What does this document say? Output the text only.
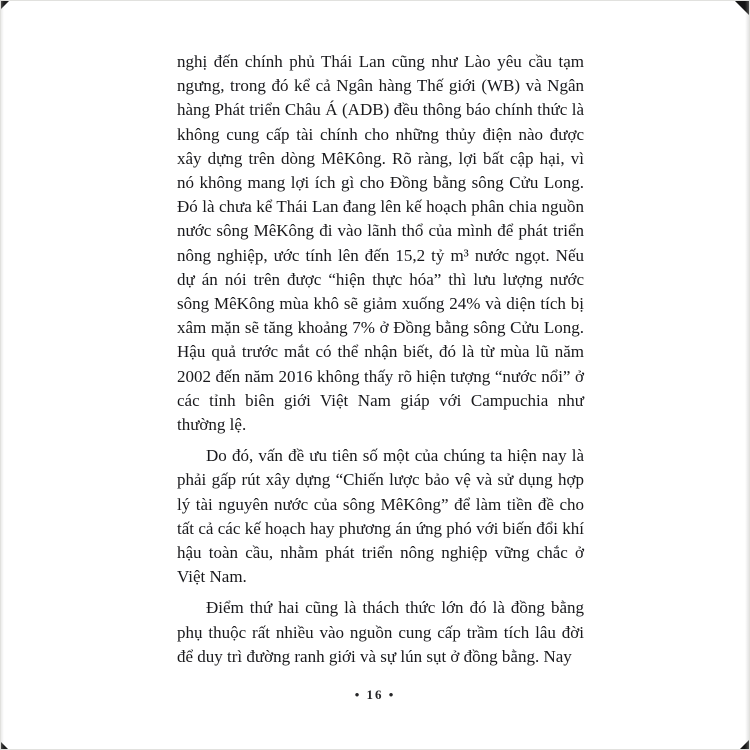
nghị đến chính phủ Thái Lan cũng như Lào yêu cầu tạm ngưng, trong đó kể cả Ngân hàng Thế giới (WB) và Ngân hàng Phát triển Châu Á (ADB) đều thông báo chính thức là không cung cấp tài chính cho những thủy điện nào được xây dựng trên dòng MêKông. Rõ ràng, lợi bất cập hại, vì nó không mang lợi ích gì cho Đồng bằng sông Cửu Long. Đó là chưa kể Thái Lan đang lên kế hoạch phân chia nguồn nước sông MêKông đi vào lãnh thổ của mình để phát triển nông nghiệp, ước tính lên đến 15,2 tỷ m³ nước ngọt. Nếu dự án nói trên được “hiện thực hóa” thì lưu lượng nước sông MêKông mùa khô sẽ giảm xuống 24% và diện tích bị xâm mặn sẽ tăng khoảng 7% ở Đồng bằng sông Cửu Long. Hậu quả trước mắt có thể nhận biết, đó là từ mùa lũ năm 2002 đến năm 2016 không thấy rõ hiện tượng “nước nổi” ở các tỉnh biên giới Việt Nam giáp với Campuchia như thường lệ.

Do đó, vấn đề ưu tiên số một của chúng ta hiện nay là phải gấp rút xây dựng “Chiến lược bảo vệ và sử dụng hợp lý tài nguyên nước của sông MêKông” để làm tiền đề cho tất cả các kế hoạch hay phương án ứng phó với biến đổi khí hậu toàn cầu, nhằm phát triển nông nghiệp vững chắc ở Việt Nam.

Điểm thứ hai cũng là thách thức lớn đó là đồng bằng phụ thuộc rất nhiều vào nguồn cung cấp trầm tích lâu đời để duy trì đường ranh giới và sự lún sụt ở đồng bằng. Nay

• 16 •
